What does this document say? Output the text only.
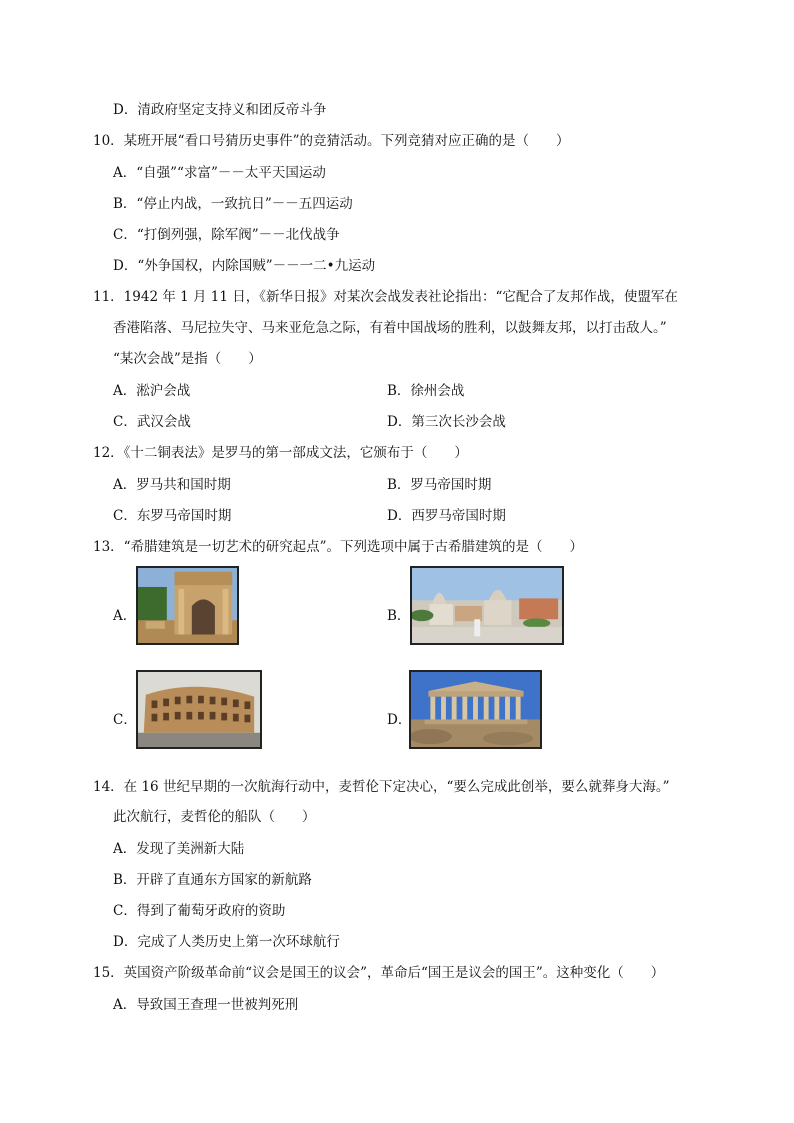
D．清政府坚定支持义和团反帝斗争
10．某班开展“看口号猜历史事件”的竞猜活动。下列竞猜对应正确的是（　　）
A．“自强”“求富”－－太平天国运动
B．“停止内战，一致抗日”－－五四运动
C．“打倒列强，除军阀”－－北伐战争
D．“外争国权，内除国贼”－－一二•九运动
11．1942 年 1 月 11 日，《新华日报》对某次会战发表社论指出：“它配合了友邦作战，使盟军在
香港陷落、马尼拉失守、马来亚危急之际，有着中国战场的胜利，以鼓舞友邦，以打击敌人。”
“某次会战”是指（　　）
A．淞沪会战	B．徐州会战
C．武汉会战	D．第三次长沙会战
12．《十二铜表法》是罗马的第一部成文法，它颁布于（　　）
A．罗马共和国时期	B．罗马帝国时期
C．东罗马帝国时期	D．西罗马帝国时期
13．“希腊建筑是一切艺术的研究起点”。下列选项中属于古希腊建筑的是（　　）
A．	B．
C．	D．
14．在 16 世纪早期的一次航海行动中，麦哲伦下定决心，“要么完成此创举，要么就葬身大海。”
此次航行，麦哲伦的船队（　　）
A．发现了美洲新大陆
B．开辟了直通东方国家的新航路
C．得到了葡萄牙政府的资助
D．完成了人类历史上第一次环球航行
15．英国资产阶级革命前“议会是国王的议会”，革命后“国王是议会的国王”。这种变化（　　）
A．导致国王查理一世被判死刑
